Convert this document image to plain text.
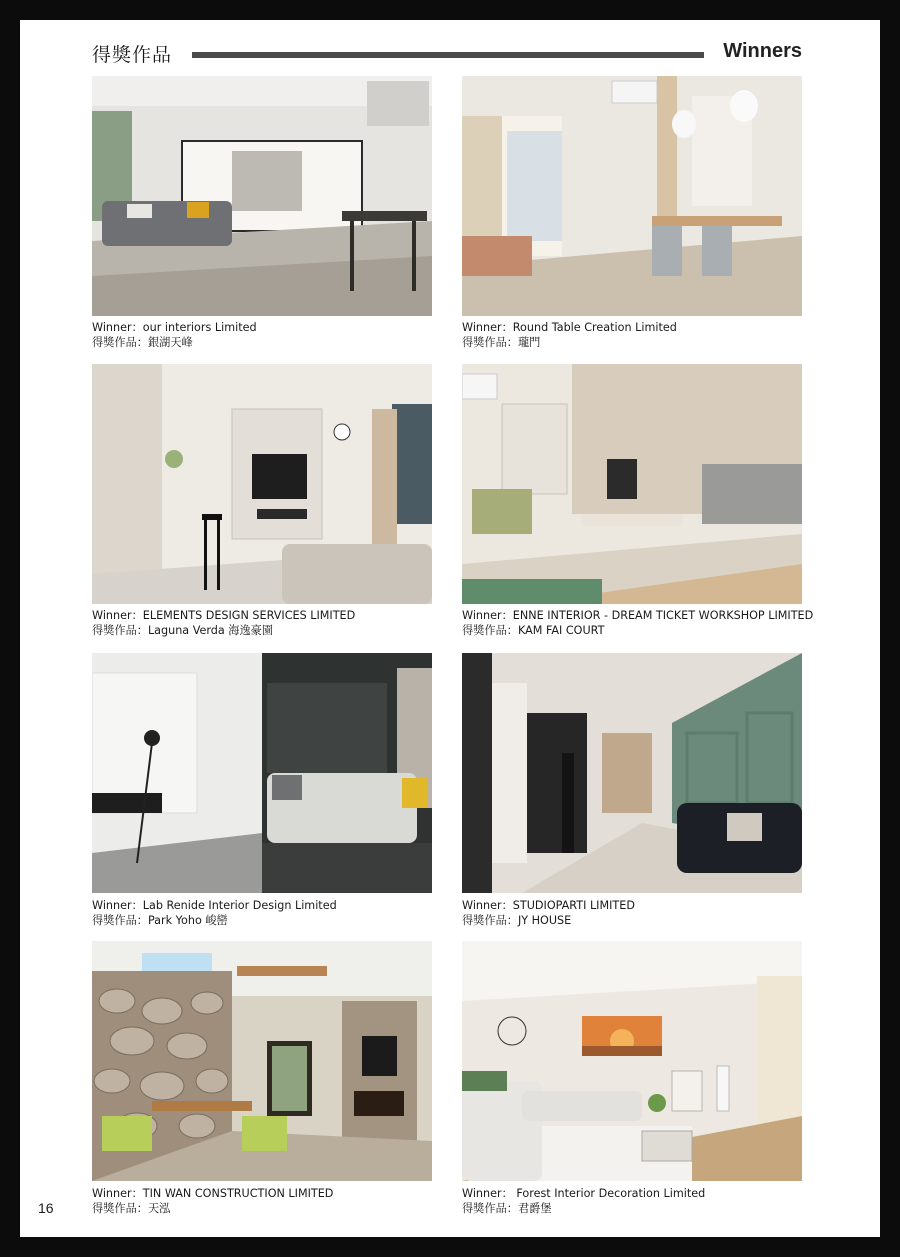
得獎作品	Winners
Winner：our interiors Limited
得獎作品：銀湖天峰
Winner：Round Table Creation Limited
得獎作品：瓏門
Winner：ELEMENTS DESIGN SERVICES LIMITED
得獎作品：Laguna Verda 海逸豪園
Winner：ENNE INTERIOR - DREAM TICKET WORKSHOP LIMITED
得獎作品：KAM FAI COURT
Winner：Lab Renide Interior Design Limited
得獎作品：Park Yoho 峻巒
Winner：STUDIOPARTI LIMITED
得獎作品：JY HOUSE
Winner：TIN WAN CONSTRUCTION LIMITED
得獎作品：天泓
Winner： Forest Interior Decoration Limited
得獎作品：君爵堡
16
